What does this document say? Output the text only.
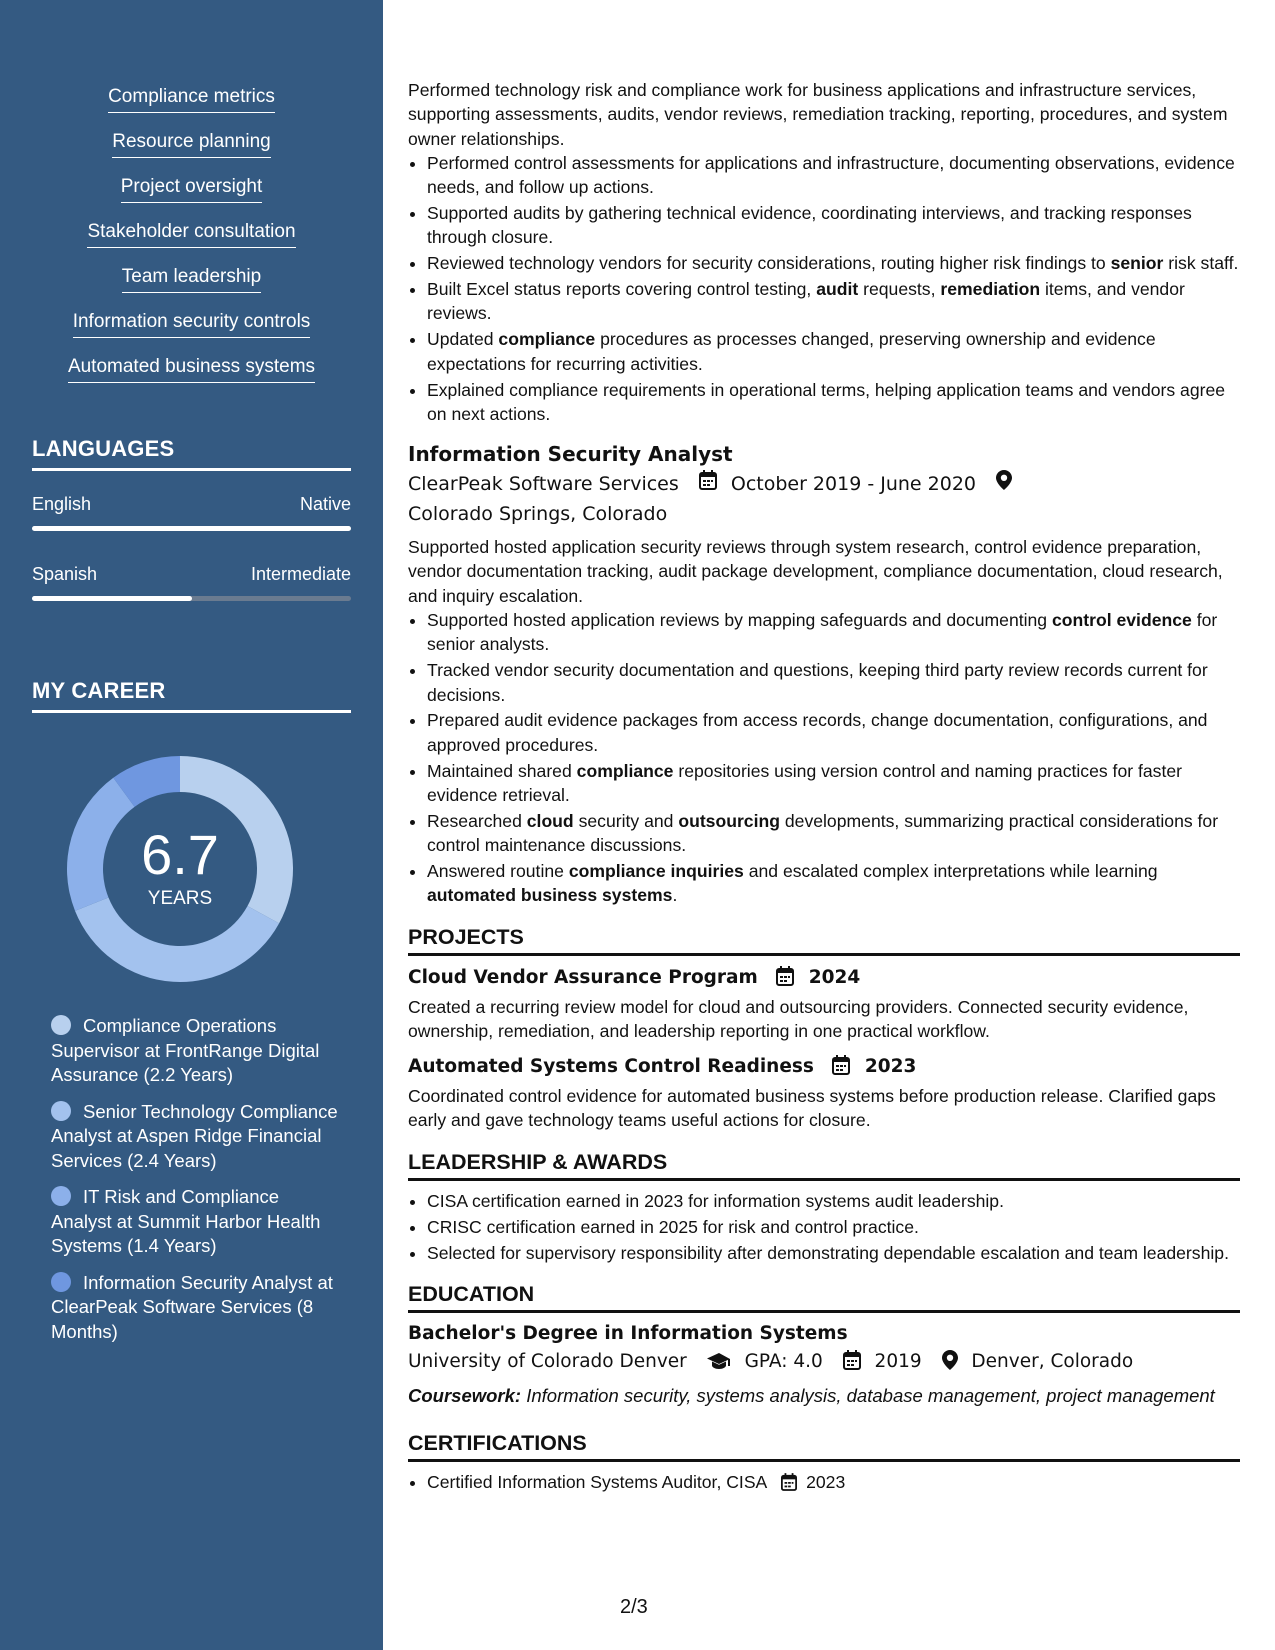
Compliance metrics
Resource planning
Project oversight
Stakeholder consultation
Team leadership
Information security controls
Automated business systems
LANGUAGES
English	Native
Spanish	Intermediate
MY CAREER
6.7
YEARS
Compliance Operations Supervisor at FrontRange Digital Assurance (2.2 Years)
Senior Technology Compliance Analyst at Aspen Ridge Financial Services (2.4 Years)
IT Risk and Compliance Analyst at Summit Harbor Health Systems (1.4 Years)
Information Security Analyst at ClearPeak Software Services (8 Months)

Performed technology risk and compliance work for business applications and infrastructure services, supporting assessments, audits, vendor reviews, remediation tracking, reporting, procedures, and system owner relationships.

• Performed control assessments for applications and infrastructure, documenting observations, evidence needs, and follow up actions.
• Supported audits by gathering technical evidence, coordinating interviews, and tracking responses through closure.
• Reviewed technology vendors for security considerations, routing higher risk findings to senior risk staff.
• Built Excel status reports covering control testing, audit requests, remediation items, and vendor reviews.
• Updated compliance procedures as processes changed, preserving ownership and evidence expectations for recurring activities.
• Explained compliance requirements in operational terms, helping application teams and vendors agree on next actions.
Information Security Analyst
ClearPeak Software Services	October 2019 - June 2020  Colorado Springs, Colorado

Supported hosted application security reviews through system research, control evidence preparation, vendor documentation tracking, audit package development, compliance documentation, cloud research, and inquiry escalation.

• Supported hosted application reviews by mapping safeguards and documenting control evidence for senior analysts.
• Tracked vendor security documentation and questions, keeping third party review records current for decisions.
• Prepared audit evidence packages from access records, change documentation, configurations, and approved procedures.
• Maintained shared compliance repositories using version control and naming practices for faster evidence retrieval.
• Researched cloud security and outsourcing developments, summarizing practical considerations for control maintenance discussions.
• Answered routine compliance inquiries and escalated complex interpretations while learning automated business systems.
PROJECTS
Cloud Vendor Assurance Program	2024

Created a recurring review model for cloud and outsourcing providers. Connected security evidence, ownership, remediation, and leadership reporting in one practical workflow.

Automated Systems Control Readiness	2023

Coordinated control evidence for automated business systems before production release. Clarified gaps early and gave technology teams useful actions for closure.

LEADERSHIP & AWARDS
• CISA certification earned in 2023 for information systems audit leadership.
• CRISC certification earned in 2025 for risk and control practice.
• Selected for supervisory responsibility after demonstrating dependable escalation and team leadership.
EDUCATION
Bachelor's Degree in Information Systems
University of Colorado Denver	GPA: 4.0	2019	Denver, Colorado
Coursework: Information security, systems analysis, database management, project management
CERTIFICATIONS
• Certified Information Systems Auditor, CISA 2023
2/3
